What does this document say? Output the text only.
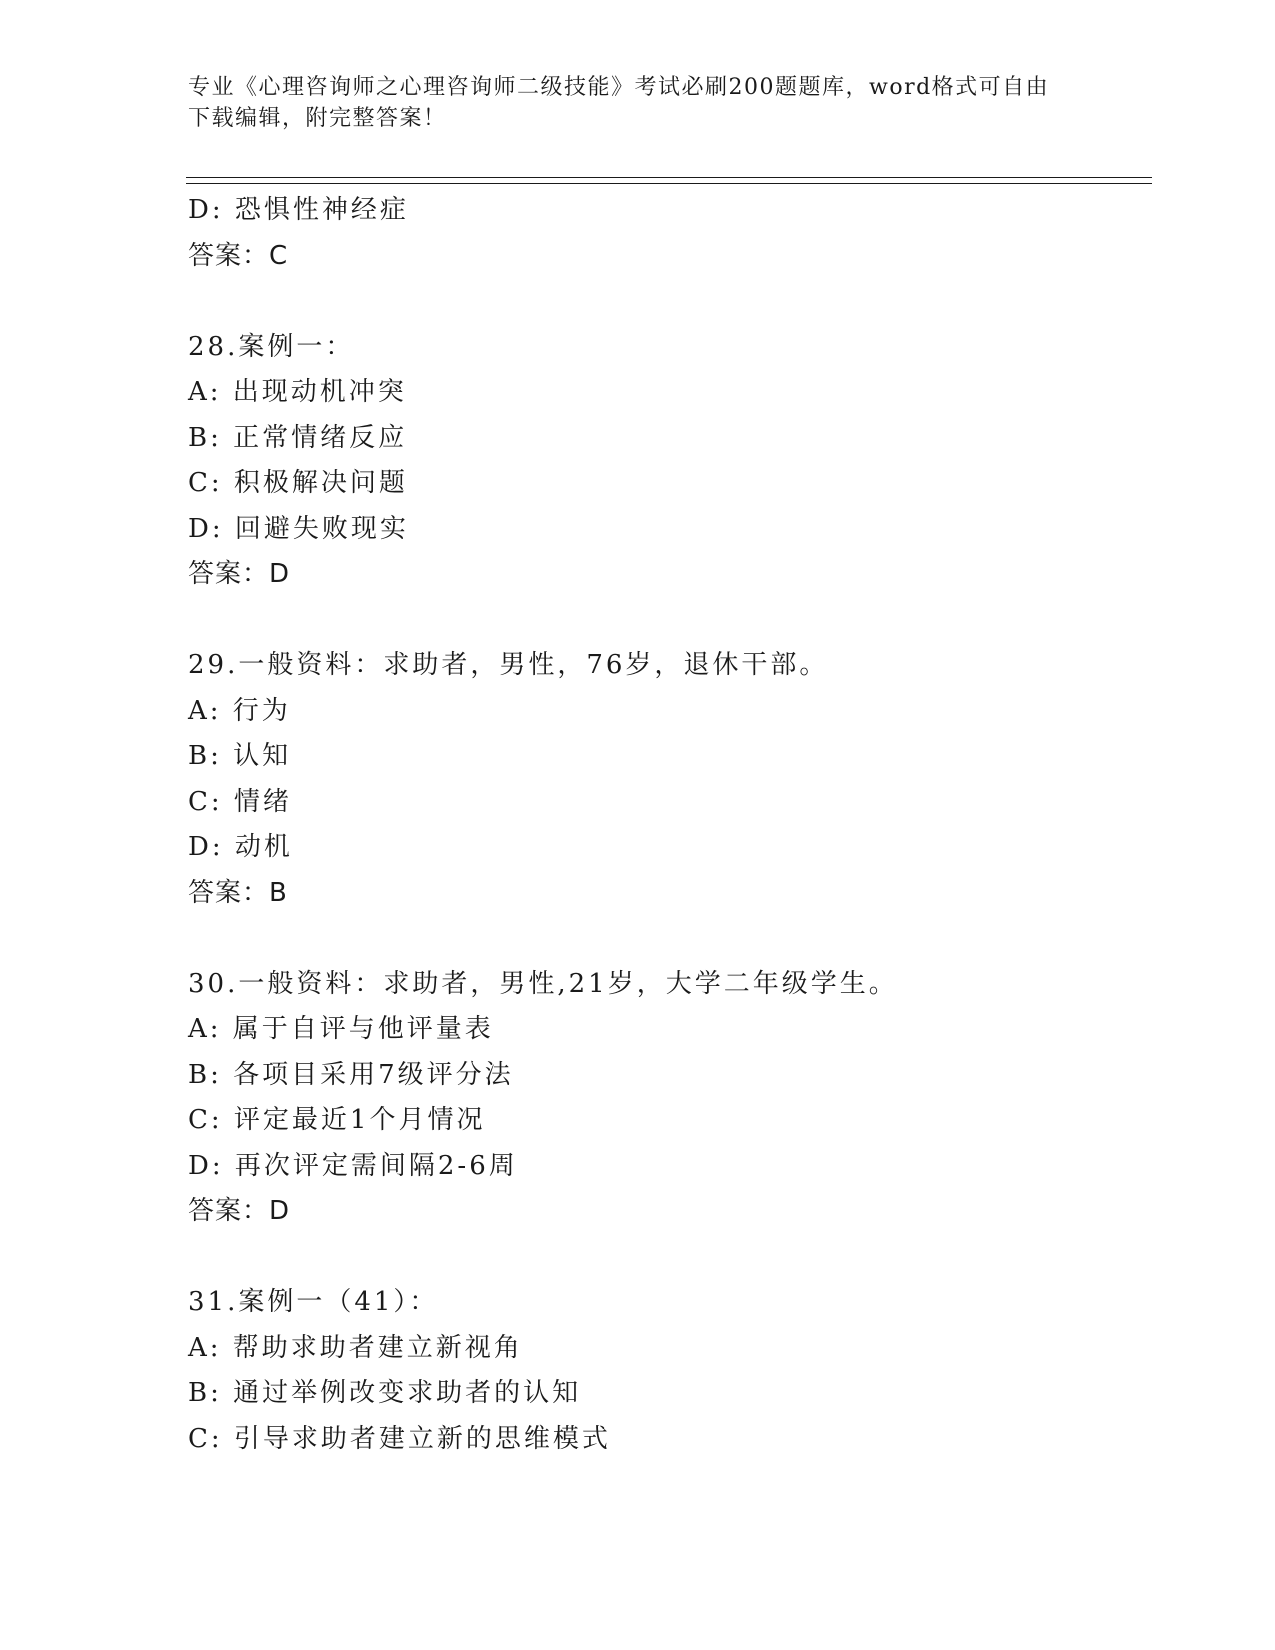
专业《心理咨询师之心理咨询师二级技能》考试必刷200题题库，word格式可自由下载编辑，附完整答案！
D: 恐惧性神经症
答案：C
28.案例一：
A: 出现动机冲突
B: 正常情绪反应
C: 积极解决问题
D: 回避失败现实
答案：D
29.一般资料：求助者，男性，76岁，退休干部。
A: 行为
B: 认知
C: 情绪
D: 动机
答案：B
30.一般资料：求助者，男性,21岁，大学二年级学生。
A: 属于自评与他评量表
B: 各项目采用7级评分法
C: 评定最近1个月情况
D: 再次评定需间隔2-6周
答案：D
31.案例一（41）：
A: 帮助求助者建立新视角
B: 通过举例改变求助者的认知
C: 引导求助者建立新的思维模式
